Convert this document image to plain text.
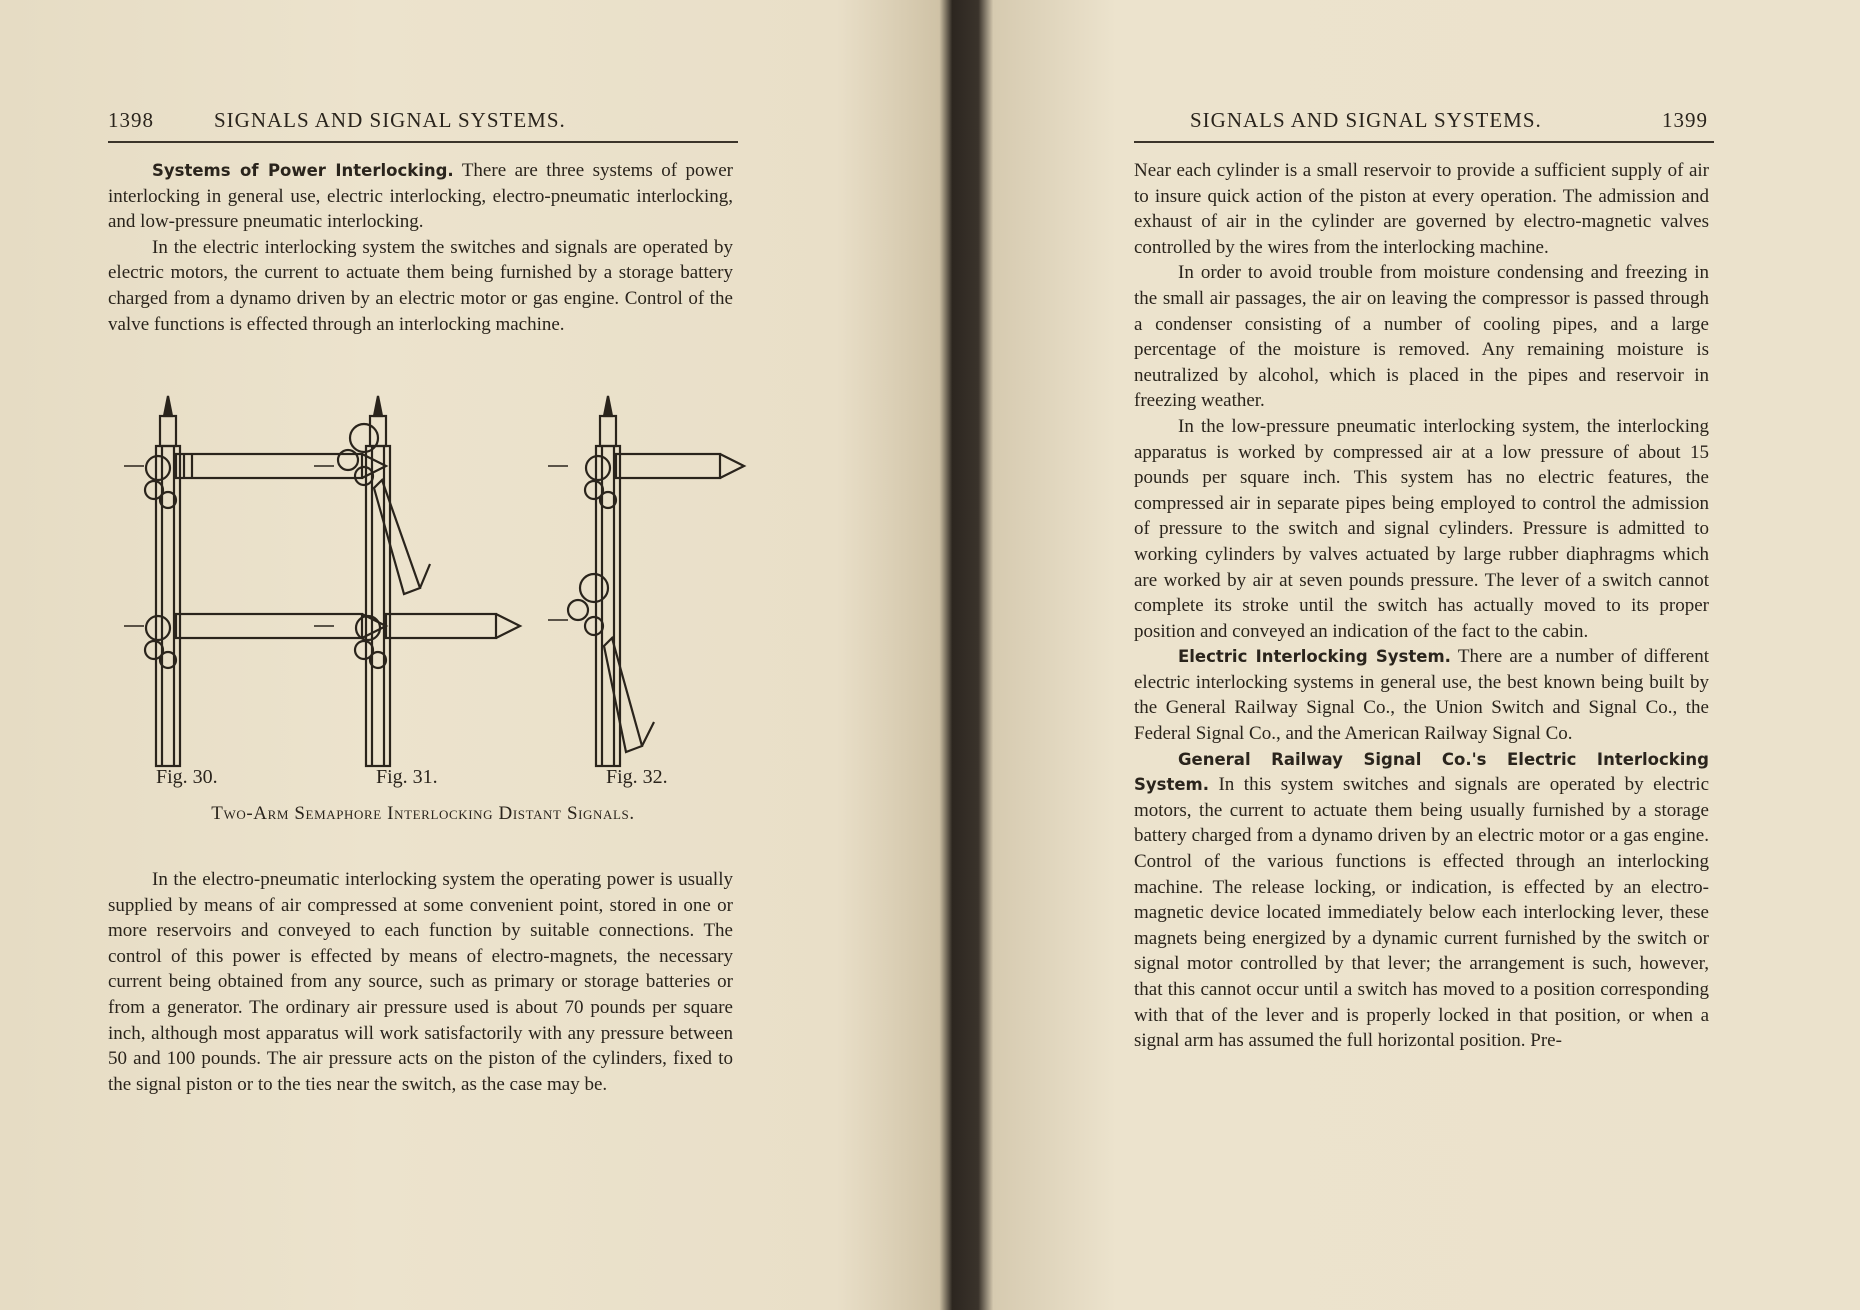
1398	SIGNALS AND SIGNAL SYSTEMS.

Systems of Power Interlocking. There are three systems of power interlocking in general use, electric interlocking, electro-pneumatic interlocking, and low-pressure pneumatic interlocking.

In the electric interlocking system the switches and signals are operated by electric motors, the current to actuate them being furnished by a storage battery charged from a dynamo driven by an electric motor or gas engine. Control of the valve functions is effected through an interlocking machine.

Fig. 30.	Fig. 31.	Fig. 32.
Two-Arm Semaphore Interlocking Distant Signals.

In the electro-pneumatic interlocking system the operating power is usually supplied by means of air compressed at some convenient point, stored in one or more reservoirs and conveyed to each function by suitable connections. The control of this power is effected by means of electro-magnets, the necessary current being obtained from any source, such as primary or storage batteries or from a generator. The ordinary air pressure used is about 70 pounds per square inch, although most apparatus will work satisfactorily with any pressure between 50 and 100 pounds. The air pressure acts on the piston of the cylinders, fixed to the signal piston or to the ties near the switch, as the case may be.

SIGNALS AND SIGNAL SYSTEMS.	1399

Near each cylinder is a small reservoir to provide a sufficient supply of air to insure quick action of the piston at every operation. The admission and exhaust of air in the cylinder are governed by electro-magnetic valves controlled by the wires from the interlocking machine.

In order to avoid trouble from moisture condensing and freezing in the small air passages, the air on leaving the compressor is passed through a condenser consisting of a number of cooling pipes, and a large percentage of the moisture is removed. Any remaining moisture is neutralized by alcohol, which is placed in the pipes and reservoir in freezing weather.

In the low-pressure pneumatic interlocking system, the interlocking apparatus is worked by compressed air at a low pressure of about 15 pounds per square inch. This system has no electric features, the compressed air in separate pipes being employed to control the admission of pressure to the switch and signal cylinders. Pressure is admitted to working cylinders by valves actuated by large rubber diaphragms which are worked by air at seven pounds pressure. The lever of a switch cannot complete its stroke until the switch has actually moved to its proper position and conveyed an indication of the fact to the cabin.

Electric Interlocking System. There are a number of different electric interlocking systems in general use, the best known being built by the General Railway Signal Co., the Union Switch and Signal Co., the Federal Signal Co., and the American Railway Signal Co.

General Railway Signal Co.'s Electric Interlocking System. In this system switches and signals are operated by electric motors, the current to actuate them being usually furnished by a storage battery charged from a dynamo driven by an electric motor or a gas engine. Control of the various functions is effected through an interlocking machine. The release locking, or indication, is effected by an electro-magnetic device located immediately below each interlocking lever, these magnets being energized by a dynamic current furnished by the switch or signal motor controlled by that lever; the arrangement is such, however, that this cannot occur until a switch has moved to a position corresponding with that of the lever and is properly locked in that position, or when a signal arm has assumed the full horizontal position. Pre-
